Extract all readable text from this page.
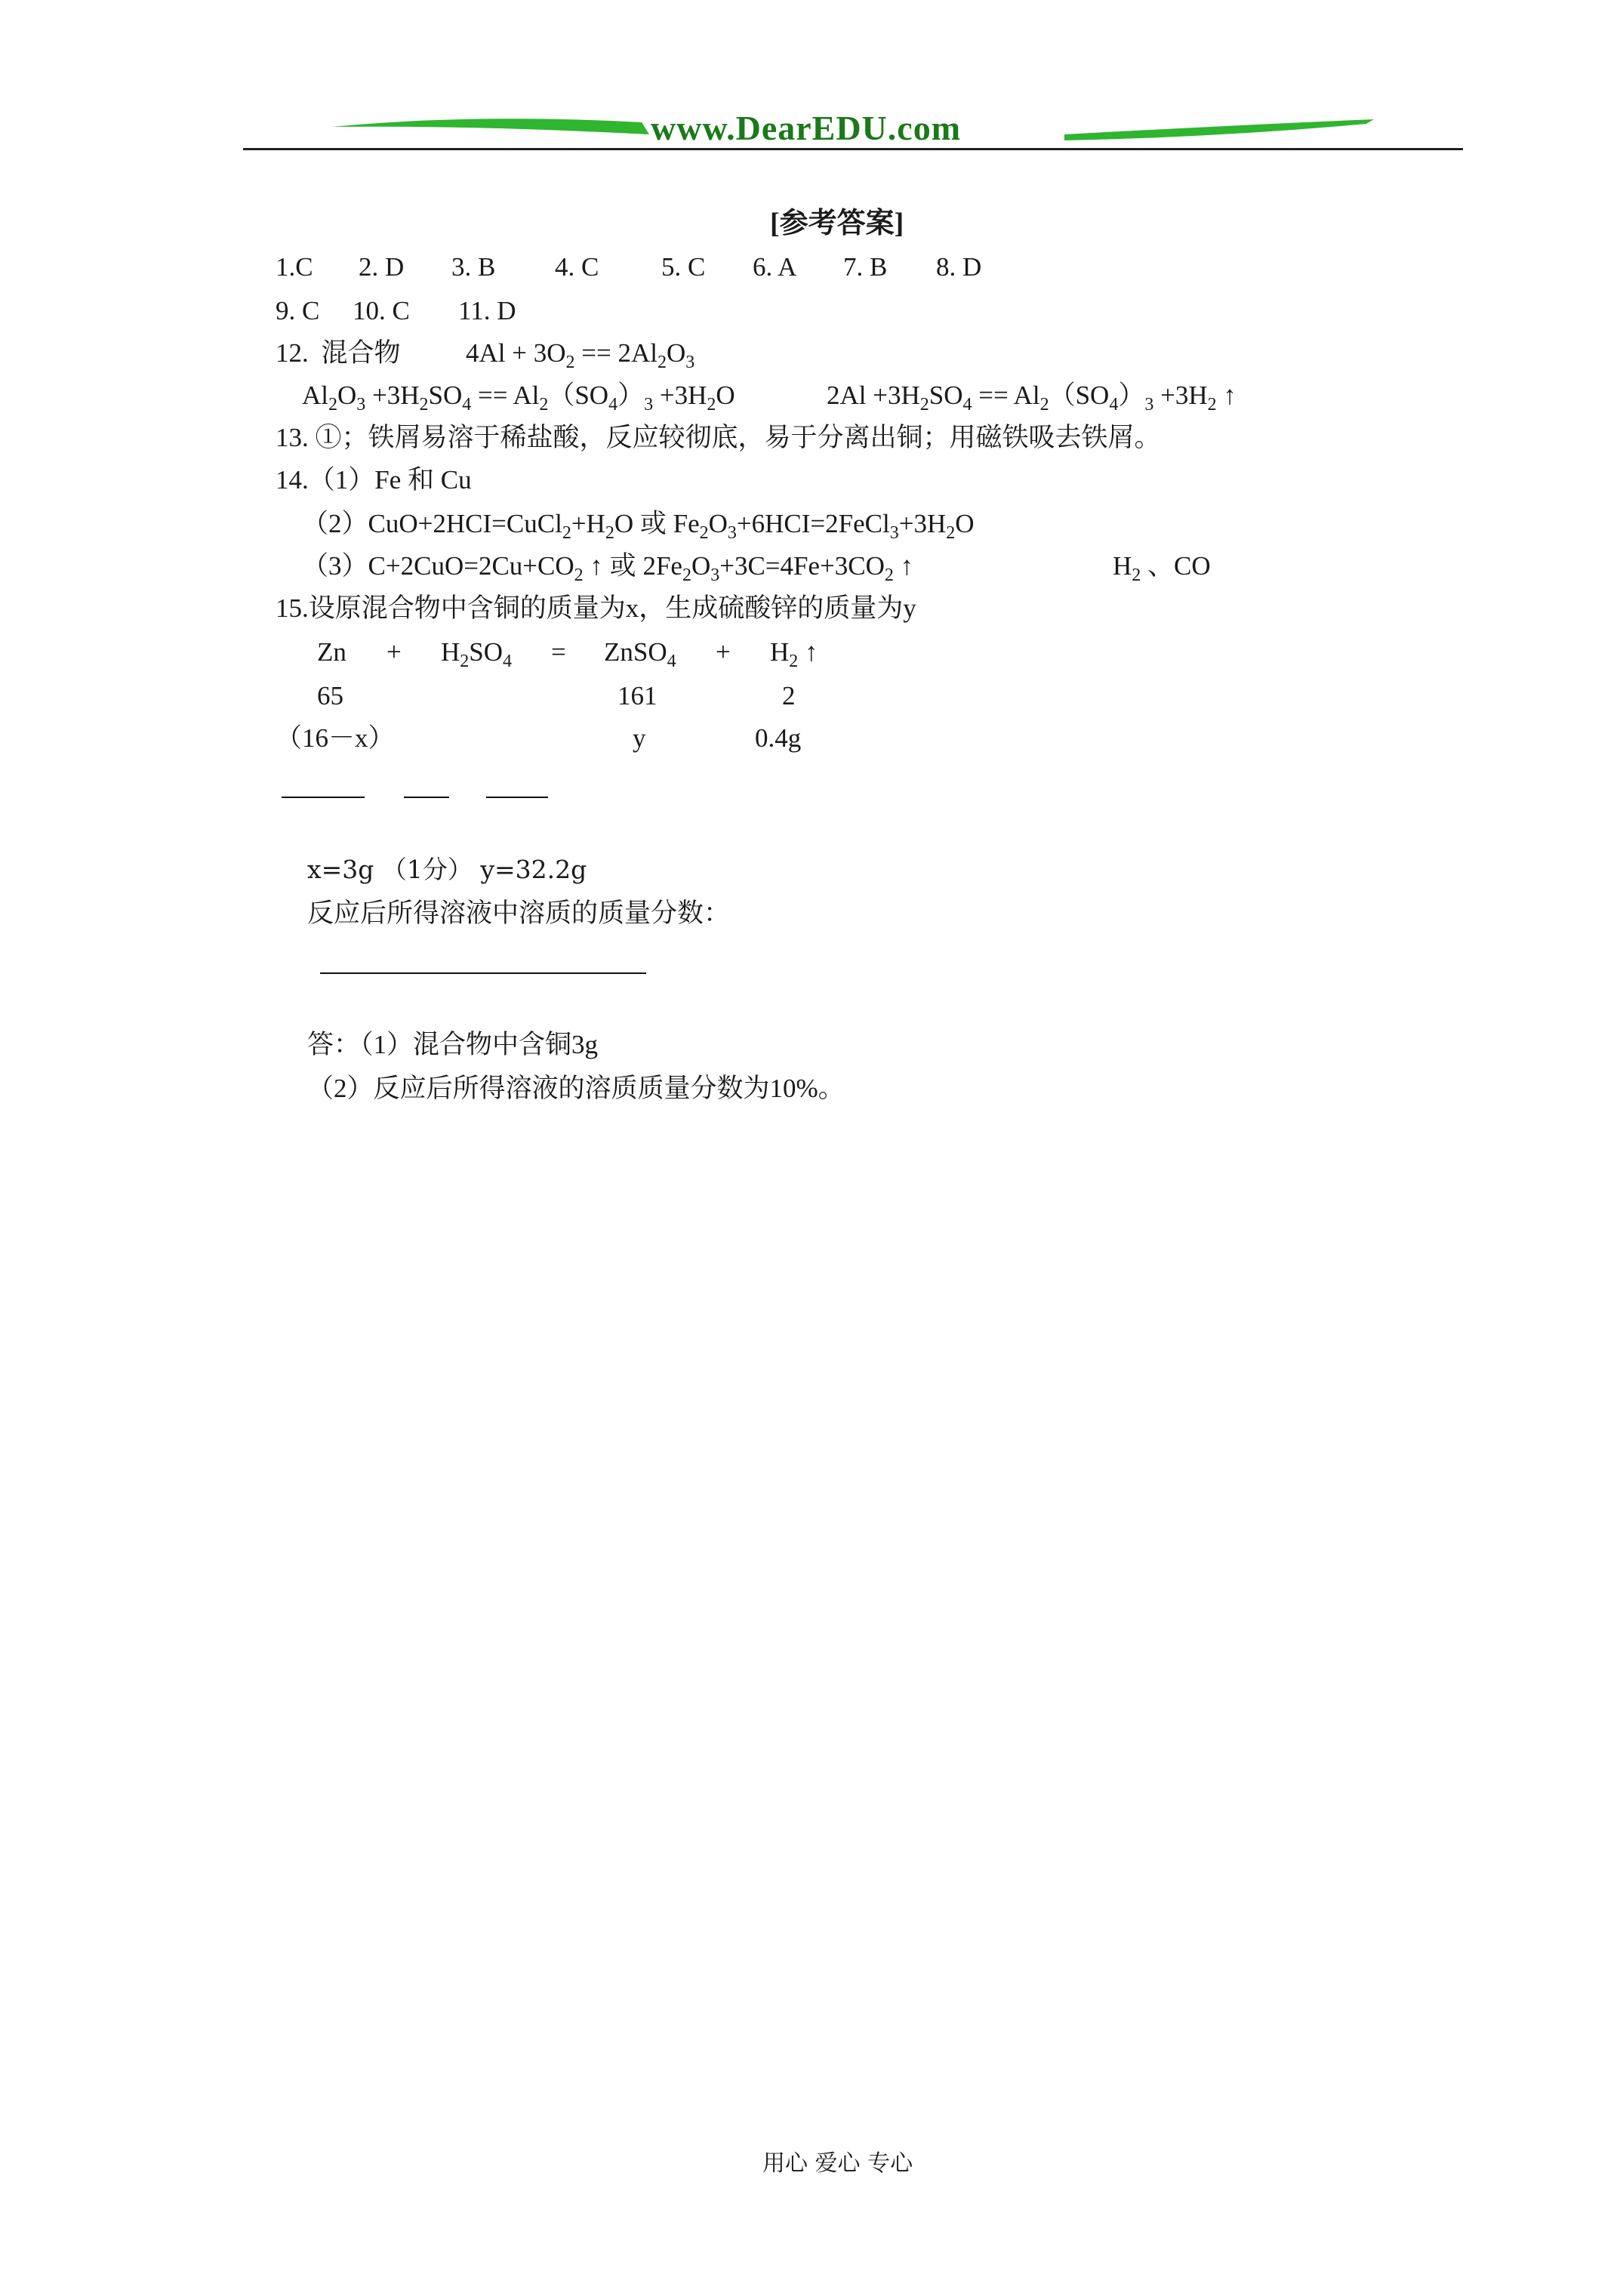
www.DearEDU.com
[参考答案]
1.C 2. D 3. B 4. C 5. C 6. A 7. B 8. D
9. C 10. C 11. D
12. 混合物 $4Al + 3O_2 == 2Al_2O_3$
$Al_2O_3 +3H_2SO_4 == Al_2(SO_4)_3 +3H_2O$	$2Al +3H_2SO_4 == Al_2(SO_4)_3 +3H_2$ ↑
13. ①；铁屑易溶于稀盐酸，反应较彻底，易于分离出铜；用磁铁吸去铁屑。
14.（1）Fe 和 Cu
$(2)CuO+2HCI=CuCl_2+H_2O$ 或 $Fe_2O_3+6HCI=2FeCl_3+3H_2O$
$(3)C+2CuO=2Cu+CO_2$ ↑ 或 $2Fe_2O_3+3C=4Fe+3CO_2$ ↑	$H_2$ 、CO
15.设原混合物中含铜的质量为x，生成硫酸锌的质量为y
$Zn + H_2SO_4$ = ZnSO$_4$ + $H_2$ ↑
65	161	2
（16－x）	y	0.4g
x=3g （1分） y=32.2g
反应后所得溶液中溶质的质量分数：
答：（1）混合物中含铜3g
（2）反应后所得溶液的溶质质量分数为10%。
用心 爱心 专心
